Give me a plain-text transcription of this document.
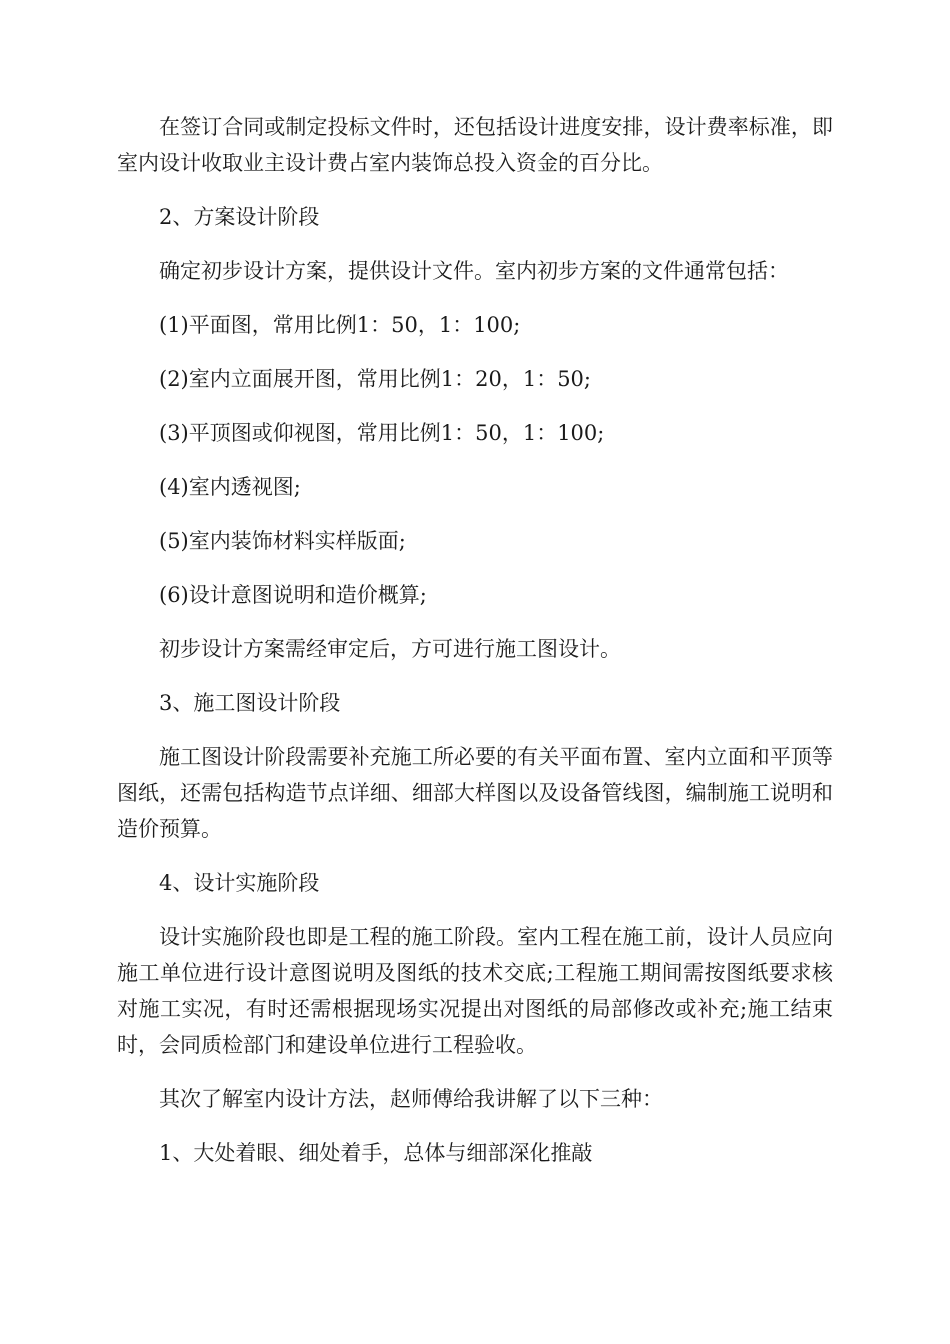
在签订合同或制定投标文件时，还包括设计进度安排，设计费率标准，即室内设计收取业主设计费占室内装饰总投入资金的百分比。

2、方案设计阶段

确定初步设计方案，提供设计文件。室内初步方案的文件通常包括：

(1)平面图，常用比例1：50，1：100;

(2)室内立面展开图，常用比例1：20，1：50;

(3)平顶图或仰视图，常用比例1：50，1：100;

(4)室内透视图;

(5)室内装饰材料实样版面;

(6)设计意图说明和造价概算;

初步设计方案需经审定后，方可进行施工图设计。

3、施工图设计阶段

施工图设计阶段需要补充施工所必要的有关平面布置、室内立面和平顶等图纸，还需包括构造节点详细、细部大样图以及设备管线图，编制施工说明和造价预算。

4、设计实施阶段

设计实施阶段也即是工程的施工阶段。室内工程在施工前，设计人员应向施工单位进行设计意图说明及图纸的技术交底;工程施工期间需按图纸要求核对施工实况，有时还需根据现场实况提出对图纸的局部修改或补充;施工结束时，会同质检部门和建设单位进行工程验收。

其次了解室内设计方法，赵师傅给我讲解了以下三种：

1、大处着眼、细处着手，总体与细部深化推敲
